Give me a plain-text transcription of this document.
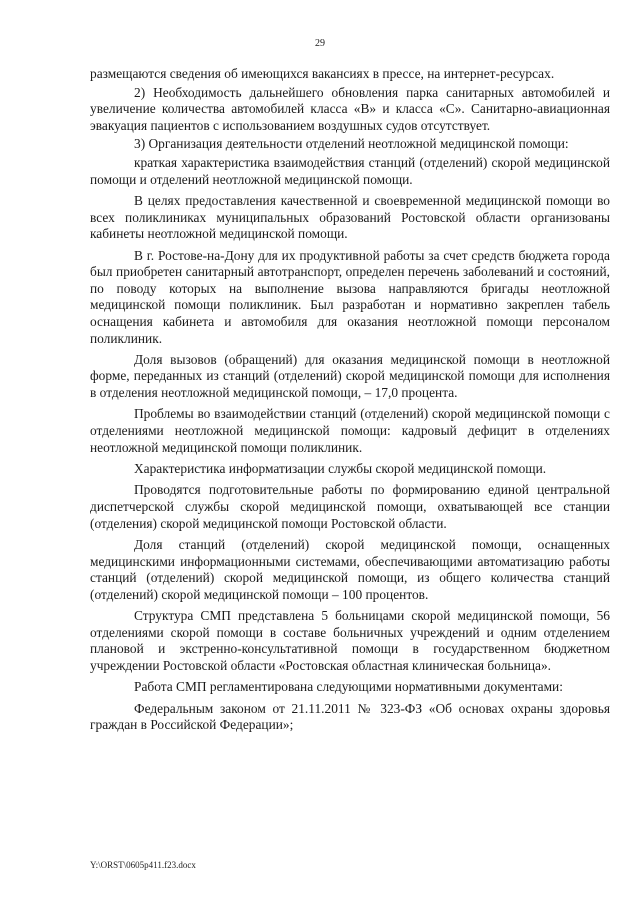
29

размещаются сведения об имеющихся вакансиях в прессе, на интернет-ресурсах.

2) Необходимость дальнейшего обновления парка санитарных автомобилей и увеличение количества автомобилей класса «В» и класса «С». Санитарно-авиационная эвакуация пациентов с использованием воздушных судов отсутствует.

3) Организация деятельности отделений неотложной медицинской помощи:

краткая характеристика взаимодействия станций (отделений) скорой медицинской помощи и отделений неотложной медицинской помощи.

В целях предоставления качественной и своевременной медицинской помощи во всех поликлиниках муниципальных образований Ростовской области организованы кабинеты неотложной медицинской помощи.

В г. Ростове-на-Дону для их продуктивной работы за счет средств бюджета города был приобретен санитарный автотранспорт, определен перечень заболеваний и состояний, по поводу которых на выполнение вызова направляются бригады неотложной медицинской помощи поликлиник. Был разработан и нормативно закреплен табель оснащения кабинета и автомобиля для оказания неотложной помощи персоналом поликлиник.

Доля вызовов (обращений) для оказания медицинской помощи в неотложной форме, переданных из станций (отделений) скорой медицинской помощи для исполнения в отделения неотложной медицинской помощи, – 17,0 процента.

Проблемы во взаимодействии станций (отделений) скорой медицинской помощи с отделениями неотложной медицинской помощи: кадровый дефицит в отделениях неотложной медицинской помощи поликлиник.

Характеристика информатизации службы скорой медицинской помощи.

Проводятся подготовительные работы по формированию единой центральной диспетчерской службы скорой медицинской помощи, охватывающей все станции (отделения) скорой медицинской помощи Ростовской области.

Доля станций (отделений) скорой медицинской помощи, оснащенных медицинскими информационными системами, обеспечивающими автоматизацию работы станций (отделений) скорой медицинской помощи, из общего количества станций (отделений) скорой медицинской помощи – 100 процентов.

Структура СМП представлена 5 больницами скорой медицинской помощи, 56 отделениями скорой помощи в составе больничных учреждений и одним отделением плановой и экстренно-консультативной помощи в государственном бюджетном учреждении Ростовской области «Ростовская областная клиническая больница».

Работа СМП регламентирована следующими нормативными документами:

Федеральным законом от 21.11.2011 № 323-ФЗ «Об основах охраны здоровья граждан в Российской Федерации»;

Y:\ORST\0605p411.f23.docx
